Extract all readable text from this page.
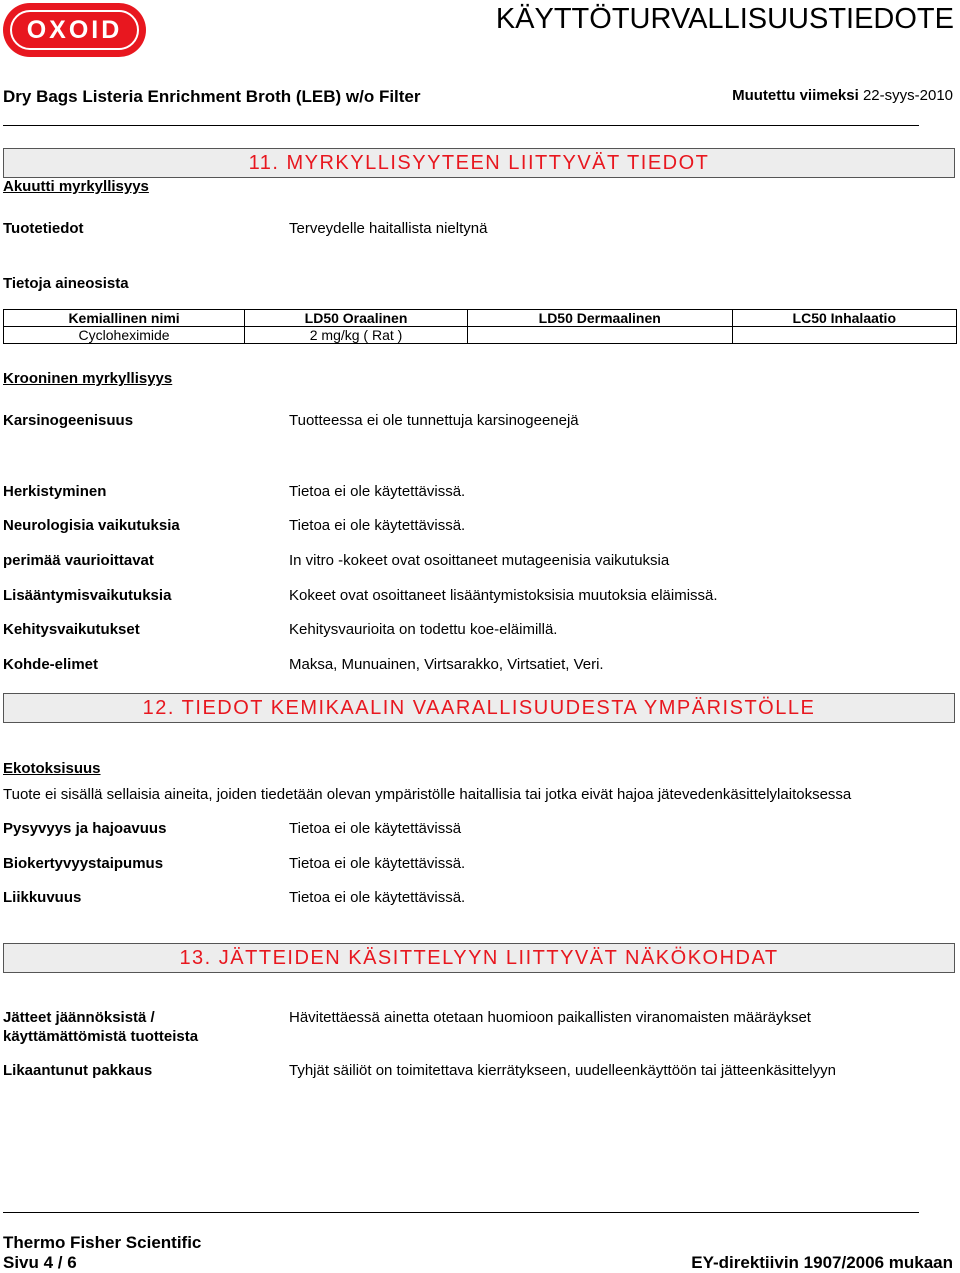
OXOID	KÄYTTÖTURVALLISUUSTIEDOTE
Dry Bags Listeria Enrichment Broth (LEB) w/o Filter	Muutettu viimeksi 22-syys-2010
11. MYRKYLLISYYTEEN LIITTYVÄT TIEDOT
Akuutti myrkyllisyys
Tuotetiedot	Terveydelle haitallista nieltynä
Tietoja aineosista
Kemiallinen nimi	LD50 Oraalinen	LD50 Dermaalinen	LC50 Inhalaatio
Cycloheximide	2 mg/kg ( Rat )		
Krooninen myrkyllisyys
Karsinogeenisuus	Tuotteessa ei ole tunnettuja karsinogeenejä
Herkistyminen	Tietoa ei ole käytettävissä.
Neurologisia vaikutuksia	Tietoa ei ole käytettävissä.
perimää vaurioittavat	In vitro -kokeet ovat osoittaneet mutageenisia vaikutuksia
Lisääntymisvaikutuksia	Kokeet ovat osoittaneet lisääntymistoksisia muutoksia eläimissä.
Kehitysvaikutukset	Kehitysvaurioita on todettu koe-eläimillä.
Kohde-elimet	Maksa, Munuainen, Virtsarakko, Virtsatiet, Veri.
12. TIEDOT KEMIKAALIN VAARALLISUUDESTA YMPÄRISTÖLLE
Ekotoksisuus
Tuote ei sisällä sellaisia aineita, joiden tiedetään olevan ympäristölle haitallisia tai jotka eivät hajoa jätevedenkäsittelylaitoksessa
Pysyvyys ja hajoavuus	Tietoa ei ole käytettävissä
Biokertyvyystaipumus	Tietoa ei ole käytettävissä.
Liikkuvuus	Tietoa ei ole käytettävissä.
13. JÄTTEIDEN KÄSITTELYYN LIITTYVÄT NÄKÖKOHDAT
Jätteet jäännöksistä /
käyttämättömistä tuotteista
Hävitettäessä ainetta otetaan huomioon paikallisten viranomaisten määräykset
Likaantunut pakkaus	Tyhjät säiliöt on toimitettava kierrätykseen, uudelleenkäyttöön tai jätteenkäsittelyyn
Thermo Fisher Scientific
Sivu 4 / 6	EY-direktiivin 1907/2006 mukaan
